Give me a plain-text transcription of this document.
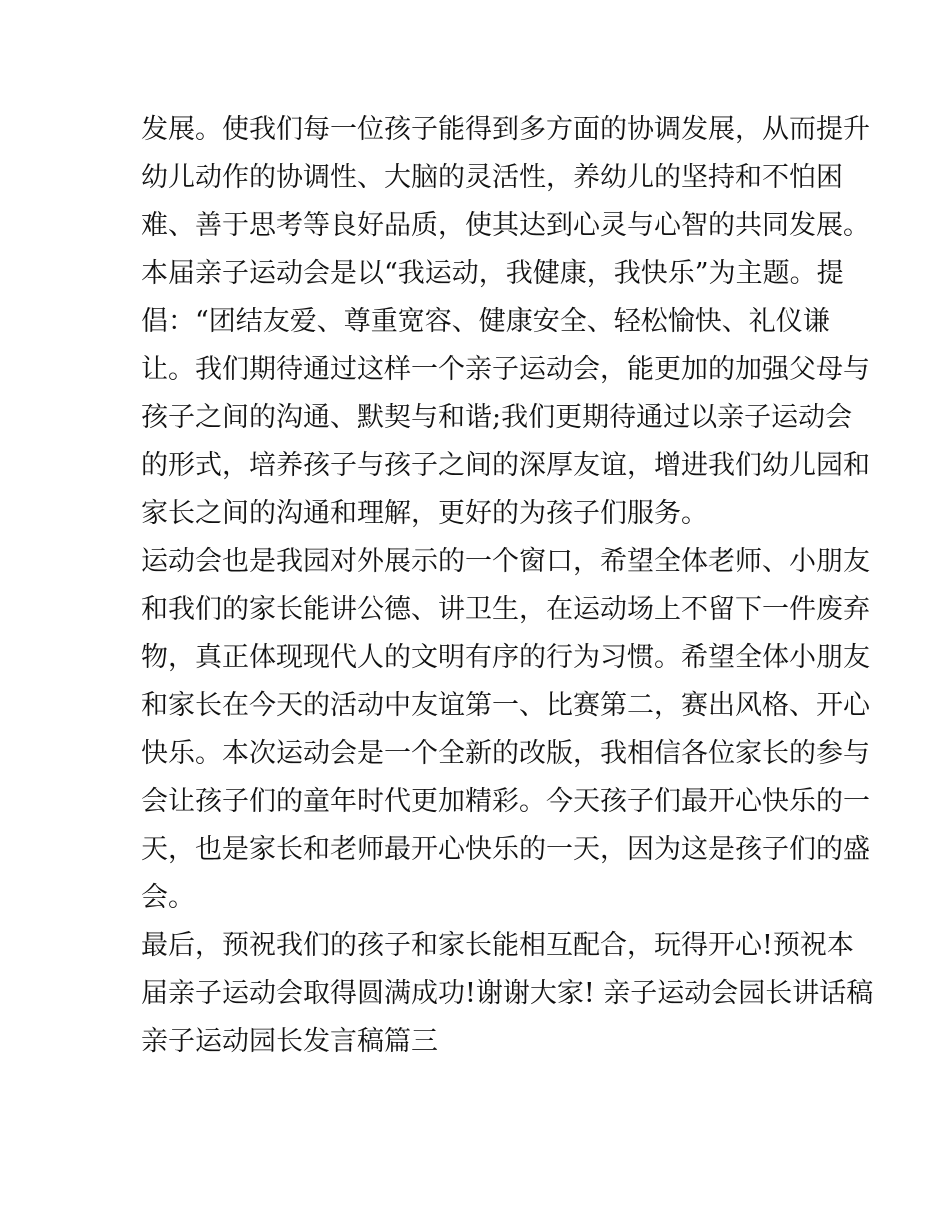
发展。使我们每一位孩子能得到多方面的协调发展，从而提升

幼儿动作的协调性、大脑的灵活性，养幼儿的坚持和不怕困

难、善于思考等良好品质，使其达到心灵与心智的共同发展。

本届亲子运动会是以“我运动，我健康，我快乐”为主题。提

倡：“团结友爱、尊重宽容、健康安全、轻松愉快、礼仪谦

让。我们期待通过这样一个亲子运动会，能更加的加强父母与

孩子之间的沟通、默契与和谐;我们更期待通过以亲子运动会

的形式，培养孩子与孩子之间的深厚友谊，增进我们幼儿园和

家长之间的沟通和理解，更好的为孩子们服务。

运动会也是我园对外展示的一个窗口，希望全体老师、小朋友

和我们的家长能讲公德、讲卫生，在运动场上不留下一件废弃

物，真正体现现代人的文明有序的行为习惯。希望全体小朋友

和家长在今天的活动中友谊第一、比赛第二，赛出风格、开心

快乐。本次运动会是一个全新的改版，我相信各位家长的参与

会让孩子们的童年时代更加精彩。今天孩子们最开心快乐的一

天，也是家长和老师最开心快乐的一天，因为这是孩子们的盛

会。

最后，预祝我们的孩子和家长能相互配合，玩得开心!预祝本

届亲子运动会取得圆满成功!谢谢大家! 亲子运动会园长讲话稿

亲子运动园长发言稿篇三
